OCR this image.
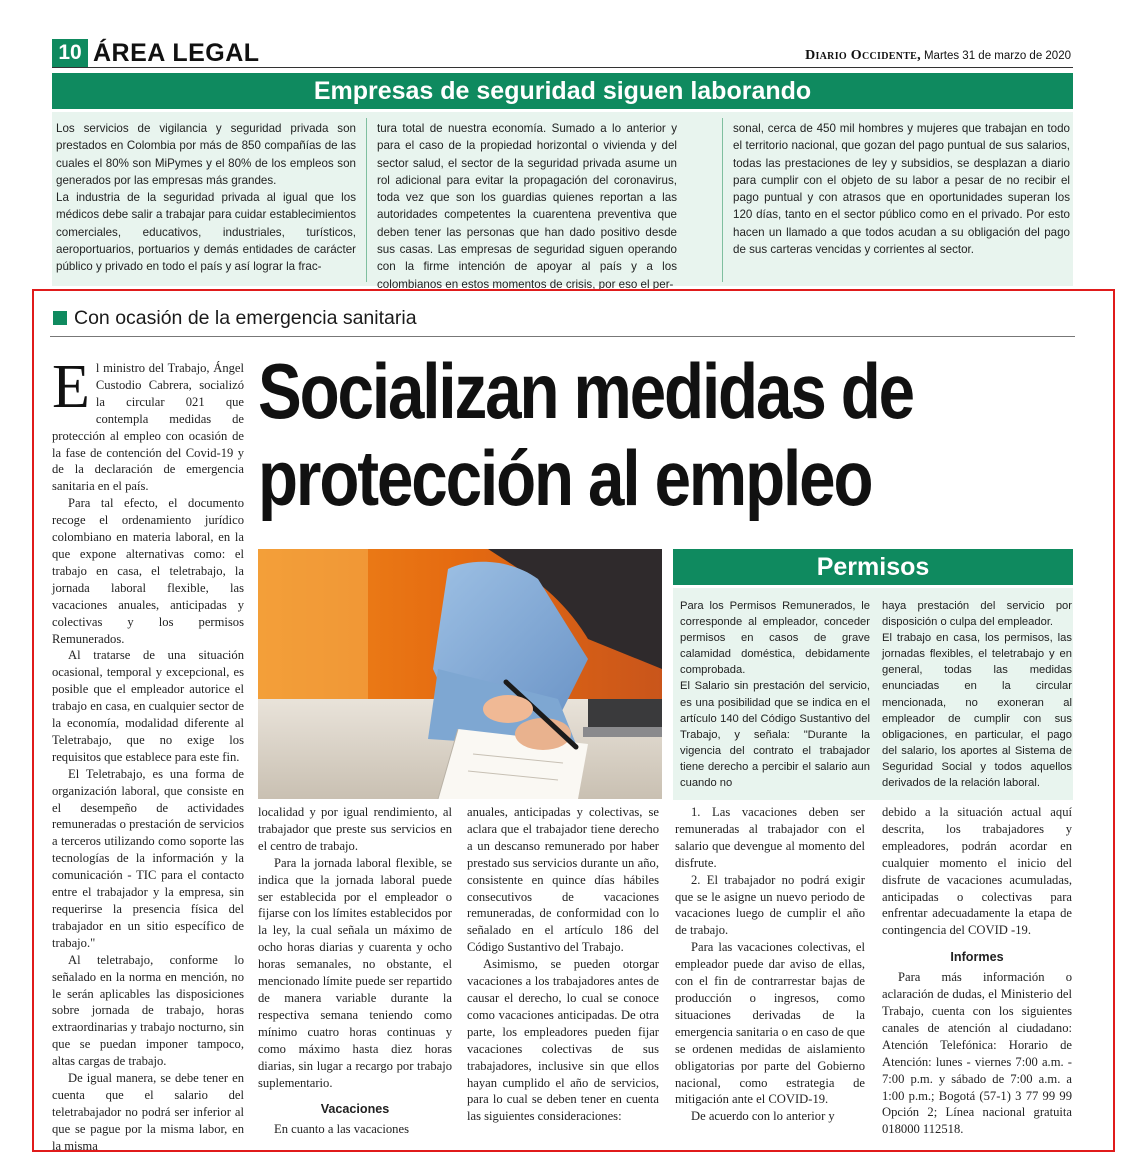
10 ÁREA LEGAL	Diario Occidente, Martes 31 de marzo de 2020
Empresas de seguridad siguen laborando

Los servicios de vigilancia y seguridad privada son prestados en Colombia por más de 850 compañías de las cuales el 80% son MiPymes y el 80% de los empleos son generados por las empresas más grandes.

La industria de la seguridad privada al igual que los médicos debe salir a trabajar para cuidar establecimientos comerciales, educativos, industriales, turísticos, aeroportuarios, portuarios y demás entidades de carácter público y privado en todo el país y así lograr la frac-

tura total de nuestra economía. Sumado a lo anterior y para el caso de la propiedad horizontal o vivienda y del sector salud, el sector de la seguridad privada asume un rol adicional para evitar la propagación del coronavirus, toda vez que son los guardias quienes reportan a las autoridades competentes la cuarentena preventiva que deben tener las personas que han dado positivo desde sus casas. Las empresas de seguridad siguen operando con la firme intención de apoyar al país y a los colombianos en estos momentos de crisis, por eso el per-

sonal, cerca de 450 mil hombres y mujeres que trabajan en todo el territorio nacional, que gozan del pago puntual de sus salarios, todas las prestaciones de ley y subsidios, se desplazan a diario para cumplir con el objeto de su labor a pesar de no recibir el pago puntual y con atrasos que en oportunidades superan los 120 días, tanto en el sector público como en el privado. Por esto hacen un llamado a que todos acudan a su obligación del pago de sus carteras vencidas y corrientes al sector.

Con ocasión de la emergencia sanitaria
Socializan medidas de
protección al empleo

El ministro del Trabajo, Ángel Custodio Cabrera, socializó la circular 021 que contempla medidas de protección al empleo con ocasión de la fase de contención del Covid-19 y de la declaración de emergencia sanitaria en el país.

Para tal efecto, el documento recoge el ordenamiento jurídico colombiano en materia laboral, en la que expone alternativas como: el trabajo en casa, el teletrabajo, la jornada laboral flexible, las vacaciones anuales, anticipadas y colectivas y los permisos Remunerados.

Al tratarse de una situación ocasional, temporal y excepcional, es posible que el empleador autorice el trabajo en casa, en cualquier sector de la economía, modalidad diferente al Teletrabajo, que no exige los requisitos que establece para este fin.

El Teletrabajo, es una forma de organización laboral, que consiste en el desempeño de actividades remuneradas o prestación de servicios a terceros utilizando como soporte las tecnologías de la información y la comunicación - TIC para el contacto entre el trabajador y la empresa, sin requerirse la presencia física del trabajador en un sitio específico de trabajo."

Al teletrabajo, conforme lo señalado en la norma en mención, no le serán aplicables las disposiciones sobre jornada de trabajo, horas extraordinarias y trabajo nocturno, sin que se puedan imponer tampoco, altas cargas de trabajo.

De igual manera, se debe tener en cuenta que el salario del teletrabajador no podrá ser inferior al que se pague por la misma labor, en la misma

Permisos

Para los Permisos Remunerados, le corresponde al empleador, conceder permisos en casos de grave calamidad doméstica, debidamente comprobada.

El Salario sin prestación del servicio, es una posibilidad que se indica en el artículo 140 del Código Sustantivo del Trabajo, y señala: "Durante la vigencia del contrato el trabajador tiene derecho a percibir el salario aun cuando no

haya prestación del servicio por disposición o culpa del empleador.

El trabajo en casa, los permisos, las jornadas flexibles, el teletrabajo y en general, todas las medidas enunciadas en la circular mencionada, no exoneran al empleador de cumplir con sus obligaciones, en particular, el pago del salario, los aportes al Sistema de Seguridad Social y todos aquellos derivados de la relación laboral.

localidad y por igual rendimiento, al trabajador que preste sus servicios en el centro de trabajo.

Para la jornada laboral flexible, se indica que la jornada laboral puede ser establecida por el empleador o fijarse con los límites establecidos por la ley, la cual señala un máximo de ocho horas diarias y cuarenta y ocho horas semanales, no obstante, el mencionado límite puede ser repartido de manera variable durante la respectiva semana teniendo como mínimo cuatro horas continuas y como máximo hasta diez horas diarias, sin lugar a recargo por trabajo suplementario.

Vacaciones

En cuanto a las vacaciones

anuales, anticipadas y colectivas, se aclara que el trabajador tiene derecho a un descanso remunerado por haber prestado sus servicios durante un año, consistente en quince días hábiles consecutivos de vacaciones remuneradas, de conformidad con lo señalado en el artículo 186 del Código Sustantivo del Trabajo.

Asimismo, se pueden otorgar vacaciones a los trabajadores antes de causar el derecho, lo cual se conoce como vacaciones anticipadas. De otra parte, los empleadores pueden fijar vacaciones colectivas de sus trabajadores, inclusive sin que ellos hayan cumplido el año de servicios, para lo cual se deben tener en cuenta las siguientes consideraciones:

1. Las vacaciones deben ser remuneradas al trabajador con el salario que devengue al momento del disfrute.

2. El trabajador no podrá exigir que se le asigne un nuevo periodo de vacaciones luego de cumplir el año de trabajo.

Para las vacaciones colectivas, el empleador puede dar aviso de ellas, con el fin de contrarrestar bajas de producción o ingresos, como situaciones derivadas de la emergencia sanitaria o en caso de que se ordenen medidas de aislamiento obligatorias por parte del Gobierno nacional, como estrategia de mitigación ante el COVID-19.

De acuerdo con lo anterior y

debido a la situación actual aquí descrita, los trabajadores y empleadores, podrán acordar en cualquier momento el inicio del disfrute de vacaciones acumuladas, anticipadas o colectivas para enfrentar adecuadamente la etapa de contingencia del COVID -19.

Informes

Para más información o aclaración de dudas, el Ministerio del Trabajo, cuenta con los siguientes canales de atención al ciudadano: Atención Telefónica: Horario de Atención: lunes - viernes 7:00 a.m. - 7:00 p.m. y sábado de 7:00 a.m. a 1:00 p.m.; Bogotá (57-1) 3 77 99 99 Opción 2; Línea nacional gratuita 018000 112518.
